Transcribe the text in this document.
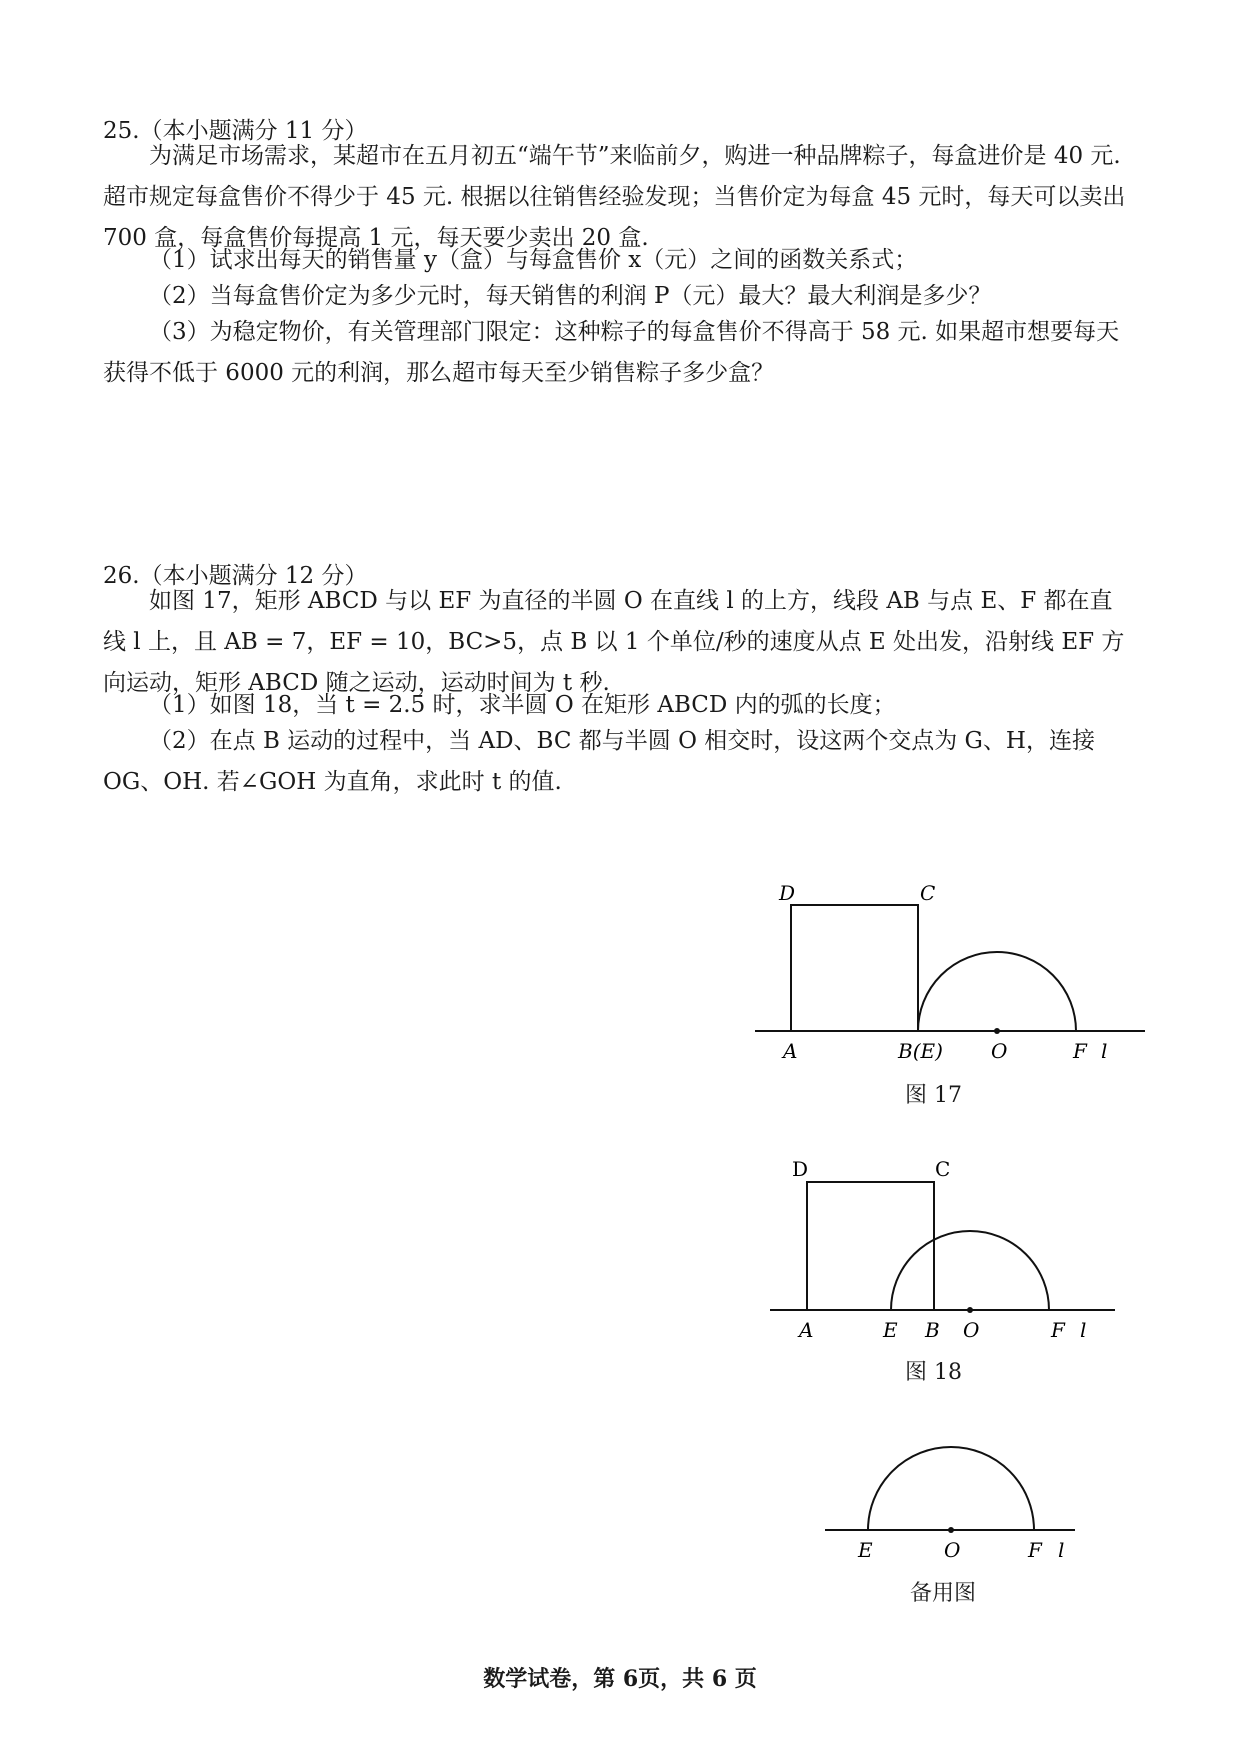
25.（本小题满分 11 分）
为满足市场需求，某超市在五月初五“端午节”来临前夕，购进一种品牌粽子，每盒进价是 40 元. 超市规定每盒售价不得少于 45 元. 根据以往销售经验发现；当售价定为每盒 45 元时，每天可以卖出 700 盒，每盒售价每提高 1 元，每天要少卖出 20 盒.
（1）试求出每天的销售量 y（盒）与每盒售价 x（元）之间的函数关系式；
（2）当每盒售价定为多少元时，每天销售的利润 P（元）最大？最大利润是多少？
（3）为稳定物价，有关管理部门限定：这种粽子的每盒售价不得高于 58 元. 如果超市想要每天获得不低于 6000 元的利润，那么超市每天至少销售粽子多少盒？
26.（本小题满分 12 分）
如图 17，矩形 ABCD 与以 EF 为直径的半圆 O 在直线 l 的上方，线段 AB 与点 E、F 都在直线 l 上，且 AB = 7，EF = 10，BC>5，点 B 以 1 个单位/秒的速度从点 E 处出发，沿射线 EF 方向运动，矩形 ABCD 随之运动，运动时间为 t 秒.
（1）如图 18，当 t = 2.5 时，求半圆 O 在矩形 ABCD 内的弧的长度；
（2）在点 B 运动的过程中，当 AD、BC 都与半圆 O 相交时，设这两个交点为 G、H，连接 OG、OH. 若∠GOH 为直角，求此时 t 的值.
D	C
A	B(E) O	F l
图 17
D	C
A	E B O	F l
图 18
E	O	F l
备用图
数学试卷，第 6页，共 6 页
